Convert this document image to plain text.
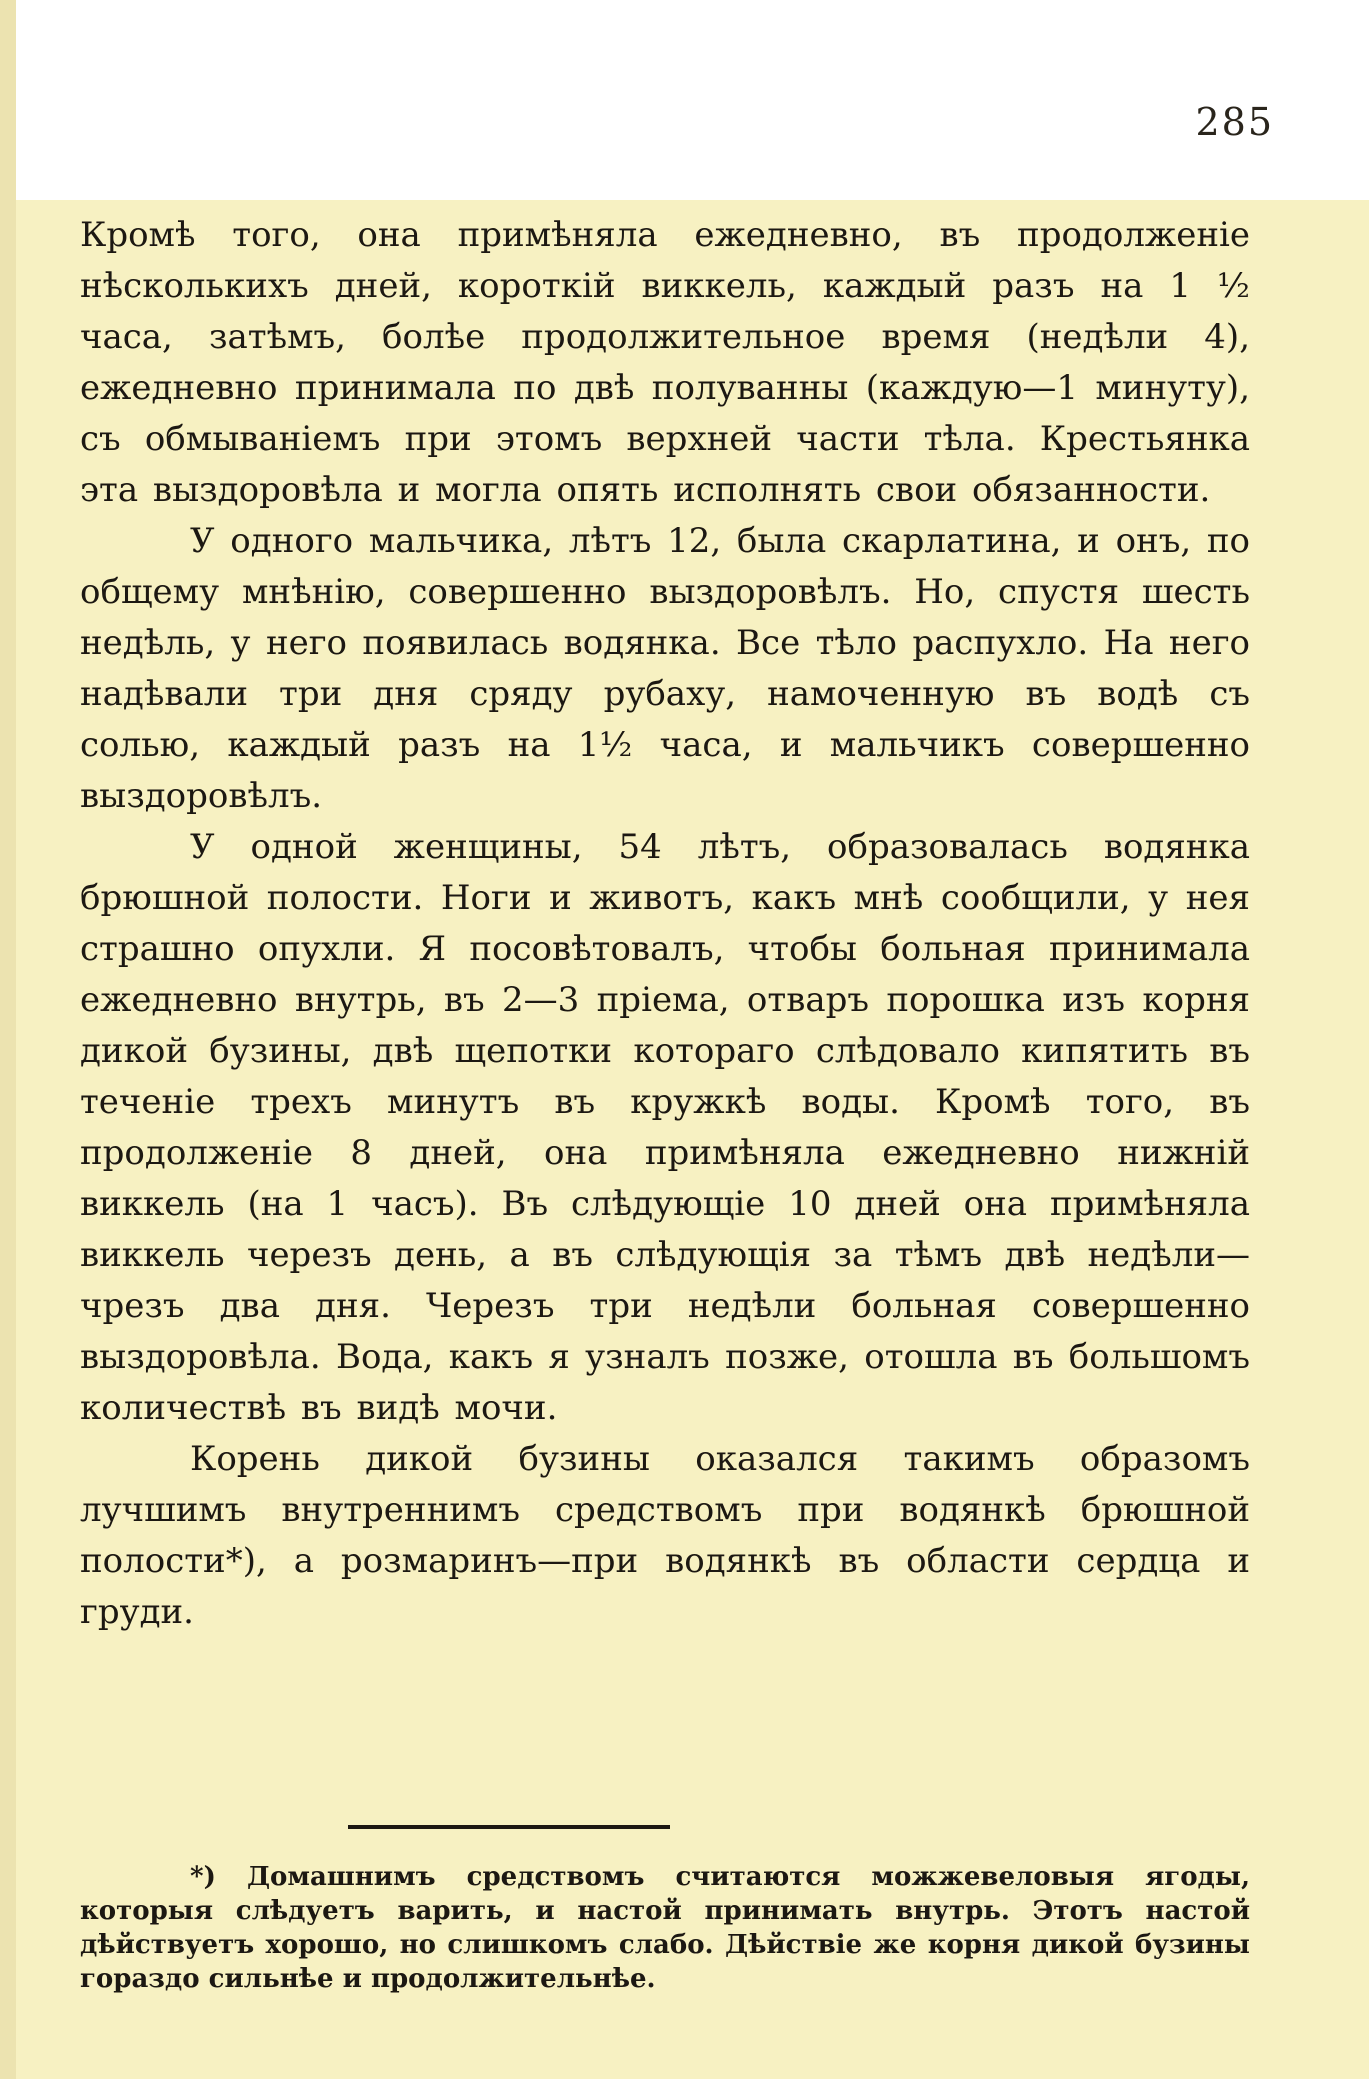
285

Кромѣ того, она примѣняла ежедневно, въ продолженіе нѣсколькихъ дней, короткій виккель, каждый разъ на 1 ½ часа, затѣмъ, болѣе продолжительное время (недѣли 4), ежедневно принимала по двѣ полуванны (каждую—1 минуту), съ обмываніемъ при этомъ верхней части тѣла. Крестьянка эта выздоровѣла и могла опять исполнять свои обязанности.

У одного мальчика, лѣтъ 12, была скарлатина, и онъ, по общему мнѣнію, совершенно выздоровѣлъ. Но, спустя шесть недѣль, у него появилась водянка. Все тѣло распухло. На него надѣвали три дня сряду рубаху, намоченную въ водѣ съ солью, каждый разъ на 1½ часа, и мальчикъ совершенно выздоровѣлъ.

У одной женщины, 54 лѣтъ, образовалась водянка брюшной полости. Ноги и животъ, какъ мнѣ сообщили, у нея страшно опухли. Я посовѣтовалъ, чтобы больная принимала ежедневно внутрь, въ 2—3 пріема, отваръ порошка изъ корня дикой бузины, двѣ щепотки котораго слѣдовало кипятить въ теченіе трехъ минутъ въ кружкѣ воды. Кромѣ того, въ продолженіе 8 дней, она примѣняла ежедневно нижній виккель (на 1 часъ). Въ слѣдующіе 10 дней она примѣняла виккель черезъ день, а въ слѣдующія за тѣмъ двѣ недѣли—чрезъ два дня. Черезъ три недѣли больная совершенно выздоровѣла. Вода, какъ я узналъ позже, отошла въ большомъ количествѣ въ видѣ мочи.

Корень дикой бузины оказался такимъ образомъ лучшимъ внутреннимъ средствомъ при водянкѣ брюшной полости*), а розмаринъ—при водянкѣ въ области сердца и груди.

*) Домашнимъ средствомъ считаются можжевеловыя ягоды, которыя слѣдуетъ варить, и настой принимать внутрь. Этотъ настой дѣйствуетъ хорошо, но слишкомъ слабо. Дѣйствіе же корня дикой бузины гораздо сильнѣе и продолжительнѣе.
